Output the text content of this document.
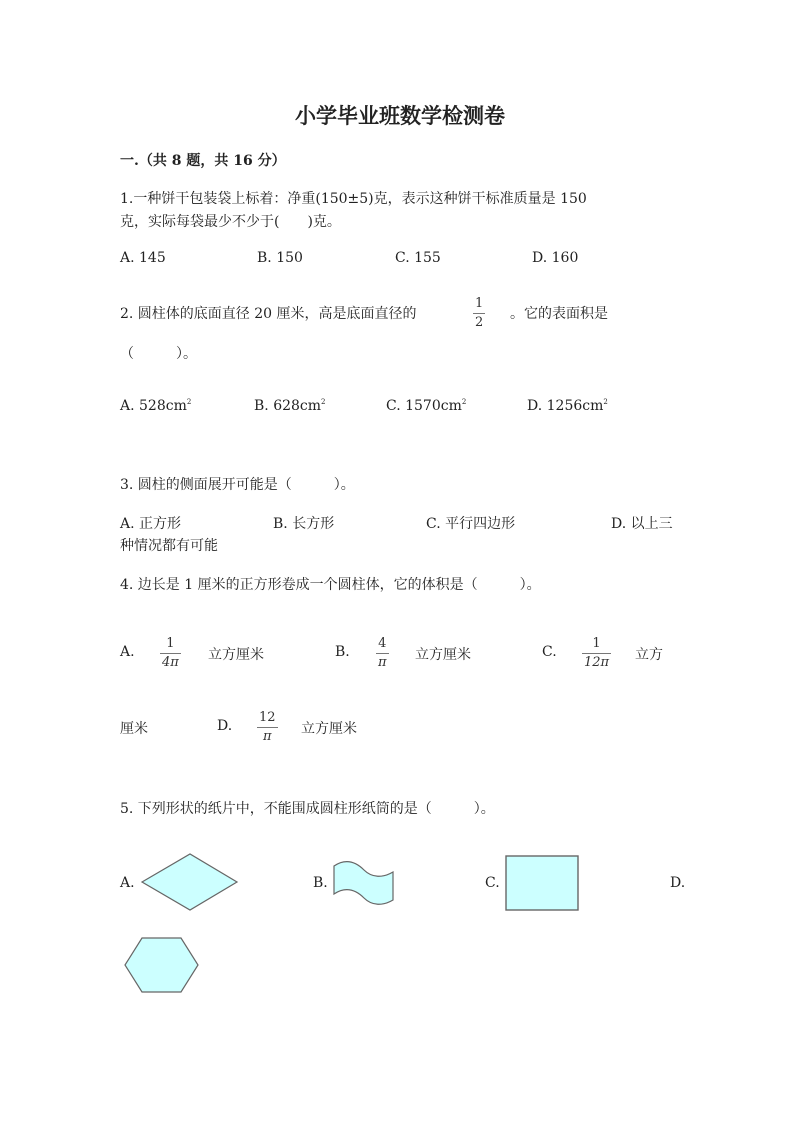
小学毕业班数学检测卷
一.（共 8 题，共 16 分）
1.一种饼干包装袋上标着：净重(150±5)克，表示这种饼干标准质量是 150
克，实际每袋最少不少于(　　)克。
A. 145	B. 150	C. 155	D. 160
2. 圆柱体的底面直径 20 厘米，高是底面直径的
1
2
。它的表面积是
（　　　）。
A. $528cm^2$	B. $628cm^2$	C. $1570cm^2$	D. $1256cm^2$
3. 圆柱的侧面展开可能是（　　　）。
A. 正方形	B. 长方形	C. 平行四边形	D. 以上三
种情况都有可能
4. 边长是 1 厘米的正方形卷成一个圆柱体，它的体积是（　　　）。
A.
1
4π 立方厘米	B.
4
π 立方厘米	C.
1
12π 立方
厘米	D.
12
π 立方厘米
5. 下列形状的纸片中，不能围成圆柱形纸筒的是（　　　）。
A.	B.	C.	D.
